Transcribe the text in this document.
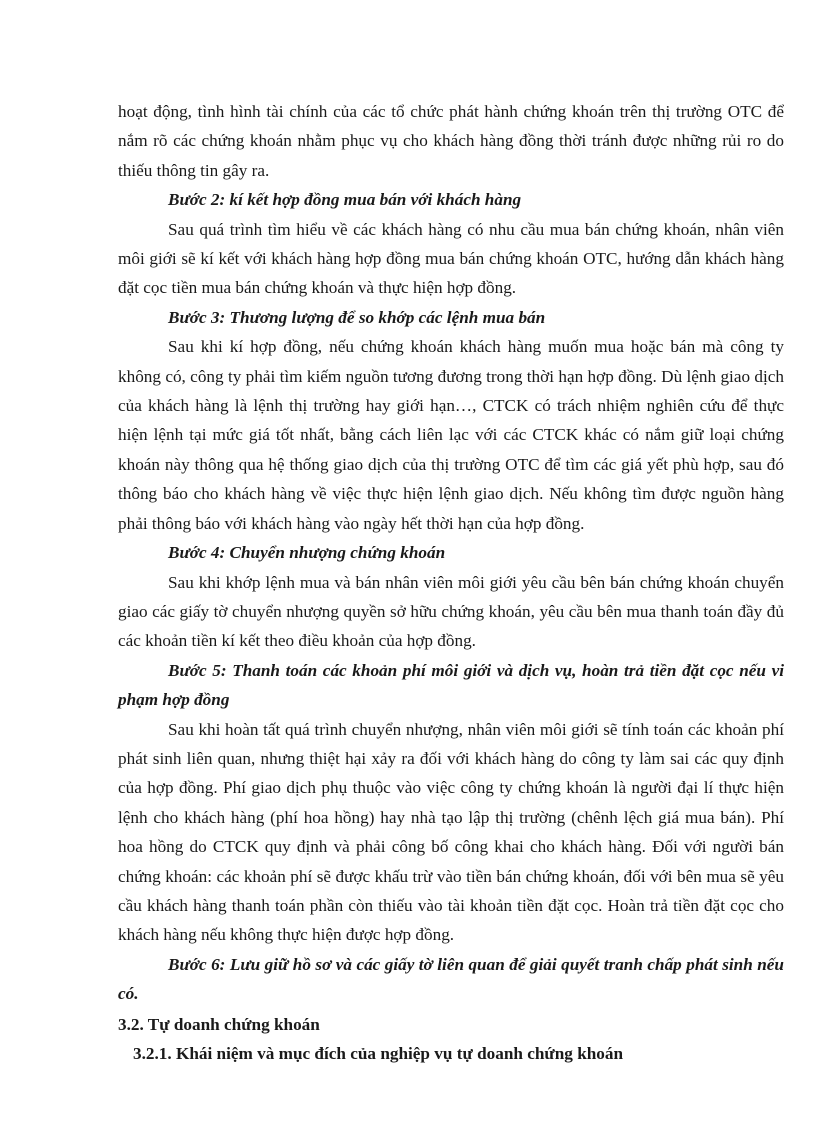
hoạt động, tình hình tài chính của các tổ chức phát hành chứng khoán trên thị trường OTC để nắm rõ các chứng khoán nhằm phục vụ cho khách hàng đồng thời tránh được những rủi ro do thiếu thông tin gây ra.

Bước 2: kí kết hợp đồng mua bán với khách hàng

Sau quá trình tìm hiểu về các khách hàng có nhu cầu mua bán chứng khoán, nhân viên môi giới sẽ kí kết với khách hàng hợp đồng mua bán chứng khoán OTC, hướng dẫn khách hàng đặt cọc tiền mua bán chứng khoán và thực hiện hợp đồng.

Bước 3: Thương lượng để so khớp các lệnh mua bán

Sau khi kí hợp đồng, nếu chứng khoán khách hàng muốn mua hoặc bán mà công ty không có, công ty phải tìm kiếm nguồn tương đương trong thời hạn hợp đồng. Dù lệnh giao dịch của khách hàng là lệnh thị trường hay giới hạn…, CTCK có trách nhiệm nghiên cứu để thực hiện lệnh tại mức giá tốt nhất, bằng cách liên lạc với các CTCK khác có nắm giữ loại chứng khoán này thông qua hệ thống giao dịch của thị trường OTC để tìm các giá yết phù hợp, sau đó thông báo cho khách hàng về việc thực hiện lệnh giao dịch. Nếu không tìm được nguồn hàng phải thông báo với khách hàng vào ngày hết thời hạn của hợp đồng.

Bước 4: Chuyển nhượng chứng khoán

Sau khi khớp lệnh mua và bán nhân viên môi giới yêu cầu bên bán chứng khoán chuyển giao các giấy tờ chuyển nhượng quyền sở hữu chứng khoán, yêu cầu bên mua thanh toán đầy đủ các khoản tiền kí kết theo điều khoản của hợp đồng.

Bước 5: Thanh toán các khoản phí môi giới và dịch vụ, hoàn trả tiền đặt cọc nếu vi phạm hợp đồng

Sau khi hoàn tất quá trình chuyển nhượng, nhân viên môi giới sẽ tính toán các khoản phí phát sinh liên quan, nhưng thiệt hại xảy ra đối với khách hàng do công ty làm sai các quy định của hợp đồng. Phí giao dịch phụ thuộc vào việc công ty chứng khoán là người đại lí thực hiện lệnh cho khách hàng (phí hoa hồng) hay nhà tạo lập thị trường (chênh lệch giá mua bán). Phí hoa hồng do CTCK quy định và phải công bố công khai cho khách hàng. Đối với người bán chứng khoán: các khoản phí sẽ được khấu trừ vào tiền bán chứng khoán, đối với bên mua sẽ yêu cầu khách hàng thanh toán phần còn thiếu vào tài khoản tiền đặt cọc. Hoàn trả tiền đặt cọc cho khách hàng nếu không thực hiện được hợp đồng.

Bước 6: Lưu giữ hồ sơ và các giấy tờ liên quan để giải quyết tranh chấp phát sinh nếu có.

3.2. Tự doanh chứng khoán

3.2.1. Khái niệm và mục đích của nghiệp vụ tự doanh chứng khoán
